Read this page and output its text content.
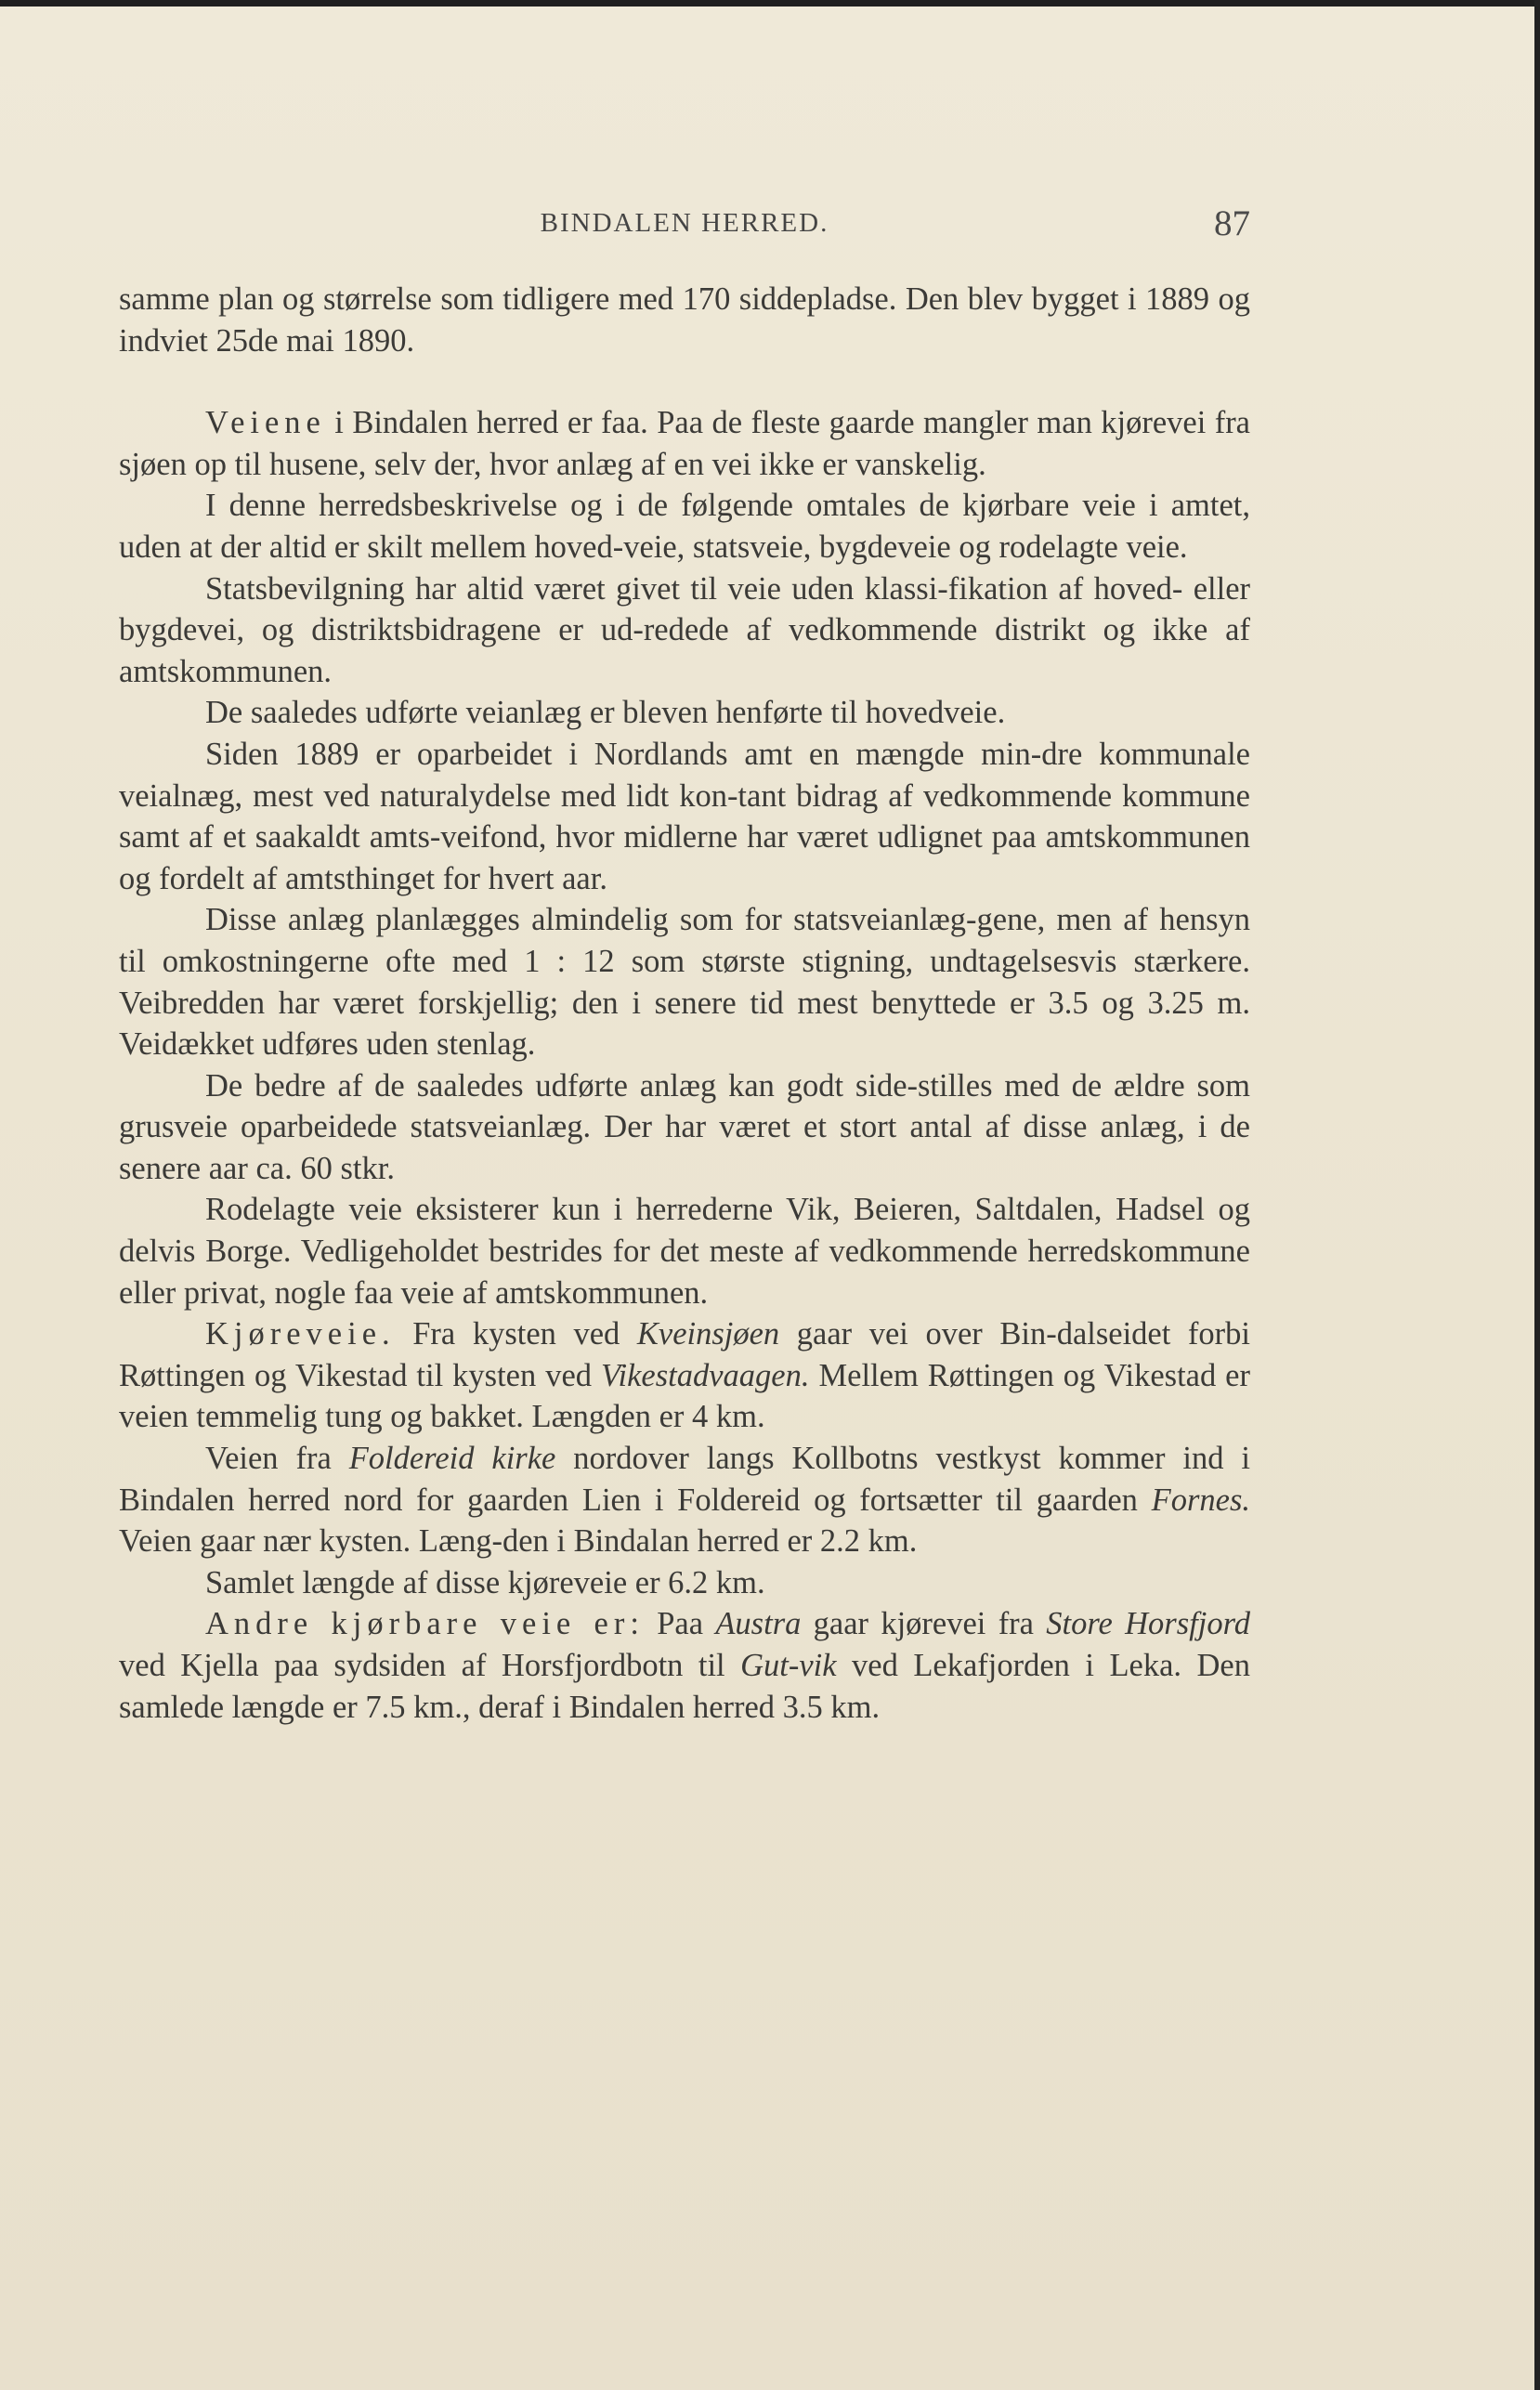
BINDALEN HERRED.	87

samme plan og størrelse som tidligere med 170 siddepladse. Den blev bygget i 1889 og indviet 25de mai 1890.

Veiene i Bindalen herred er faa. Paa de fleste gaarde mangler man kjørevei fra sjøen op til husene, selv der, hvor anlæg af en vei ikke er vanskelig.

I denne herredsbeskrivelse og i de følgende omtales de kjørbare veie i amtet, uden at der altid er skilt mellem hoved-veie, statsveie, bygdeveie og rodelagte veie.

Statsbevilgning har altid været givet til veie uden klassi-fikation af hoved- eller bygdevei, og distriktsbidragene er ud-redede af vedkommende distrikt og ikke af amtskommunen.

De saaledes udførte veianlæg er bleven henførte til hovedveie.

Siden 1889 er oparbeidet i Nordlands amt en mængde min-dre kommunale veialnæg, mest ved naturalydelse med lidt kon-tant bidrag af vedkommende kommune samt af et saakaldt amts-veifond, hvor midlerne har været udlignet paa amtskommunen og fordelt af amtsthinget for hvert aar.

Disse anlæg planlægges almindelig som for statsveianlæg-gene, men af hensyn til omkostningerne ofte med 1 : 12 som største stigning, undtagelsesvis stærkere. Veibredden har været forskjellig; den i senere tid mest benyttede er 3.5 og 3.25 m. Veidækket udføres uden stenlag.

De bedre af de saaledes udførte anlæg kan godt side-stilles med de ældre som grusveie oparbeidede statsveianlæg. Der har været et stort antal af disse anlæg, i de senere aar ca. 60 stkr.

Rodelagte veie eksisterer kun i herrederne Vik, Beieren, Saltdalen, Hadsel og delvis Borge. Vedligeholdet bestrides for det meste af vedkommende herredskommune eller privat, nogle faa veie af amtskommunen.

Kjøreveie. Fra kysten ved Kveinsjøen gaar vei over Bin-dalseidet forbi Røttingen og Vikestad til kysten ved Vikestadvaagen. Mellem Røttingen og Vikestad er veien temmelig tung og bakket. Længden er 4 km.

Veien fra Foldereid kirke nordover langs Kollbotns vestkyst kommer ind i Bindalen herred nord for gaarden Lien i Foldereid og fortsætter til gaarden Fornes. Veien gaar nær kysten. Læng-den i Bindalan herred er 2.2 km.

Samlet længde af disse kjøreveie er 6.2 km.

Andre kjørbare veie er: Paa Austra gaar kjørevei fra Store Horsfjord ved Kjella paa sydsiden af Horsfjordbotn til Gut-vik ved Lekafjorden i Leka. Den samlede længde er 7.5 km., deraf i Bindalen herred 3.5 km.
